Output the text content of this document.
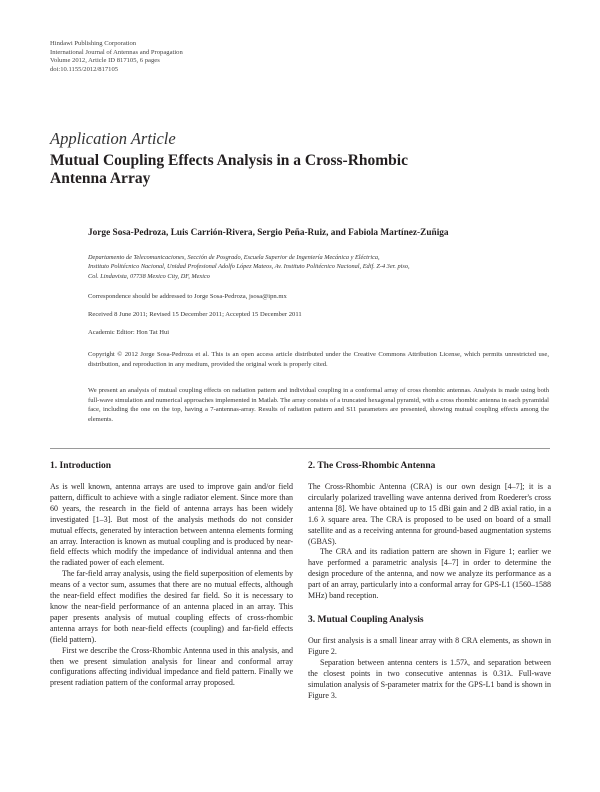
Hindawi Publishing Corporation
International Journal of Antennas and Propagation
Volume 2012, Article ID 817105, 6 pages
doi:10.1155/2012/817105
Application Article
Mutual Coupling Effects Analysis in a Cross-Rhombic
Antenna Array
Jorge Sosa-Pedroza, Luis Carrión-Rivera, Sergio Peña-Ruiz, and Fabiola Martínez-Zuñiga
Departamento de Telecomunicaciones, Sección de Posgrado, Escuela Superior de Ingeniería Mecánica y Eléctrica,
Instituto Politécnico Nacional, Unidad Profesional Adolfo López Mateos, Av. Instituto Politécnico Nacional, Edif. Z-4 3er. piso,
Col. Lindavista, 07738 Mexico City, DF, Mexico
Correspondence should be addressed to Jorge Sosa-Pedroza, jsosa@ipn.mx
Received 8 June 2011; Revised 15 December 2011; Accepted 15 December 2011
Academic Editor: Hon Tat Hui
Copyright © 2012 Jorge Sosa-Pedroza et al. This is an open access article distributed under the Creative Commons Attribution License, which permits unrestricted use, distribution, and reproduction in any medium, provided the original work is properly cited.
We present an analysis of mutual coupling effects on radiation pattern and individual coupling in a conformal array of cross rhombic antennas. Analysis is made using both full-wave simulation and numerical approaches implemented in Matlab. The array consists of a truncated hexagonal pyramid, with a cross rhombic antenna in each pyramidal face, including the one on the top, having a 7-antennas-array. Results of radiation pattern and S11 parameters are presented, showing mutual coupling effects among the elements.
1. Introduction

As is well known, antenna arrays are used to improve gain and/or field pattern, difficult to achieve with a single radiator element. Since more than 60 years, the research in the field of antenna arrays has been widely investigated [1–3]. But most of the analysis methods do not consider mutual effects, generated by interaction between antenna elements forming an array. Interaction is known as mutual coupling and is produced by near-field effects which modify the impedance of individual antenna and then the radiated power of each element.

The far-field array analysis, using the field superposition of elements by means of a vector sum, assumes that there are no mutual effects, although the near-field effect modifies the desired far field. So it is necessary to know the near-field performance of an antenna placed in an array. This paper presents analysis of mutual coupling effects of cross-rhombic antenna arrays for both near-field effects (coupling) and far-field effects (field pattern).

First we describe the Cross-Rhombic Antenna used in this analysis, and then we present simulation analysis for linear and conformal array configurations affecting individual impedance and field pattern. Finally we present radiation pattern of the conformal array proposed.

2. The Cross-Rhombic Antenna

The Cross-Rhombic Antenna (CRA) is our own design [4–7]; it is a circularly polarized travelling wave antenna derived from Roederer's cross antenna [8]. We have obtained up to 15 dBi gain and 2 dB axial ratio, in a 1.6 λ square area. The CRA is proposed to be used on board of a small satellite and as a receiving antenna for ground-based augmentation systems (GBAS).

The CRA and its radiation pattern are shown in Figure 1; earlier we have performed a parametric analysis [4–7] in order to determine the design procedure of the antenna, and now we analyze its performance as a part of an array, particularly into a conformal array for GPS-L1 (1560–1588 MHz) band reception.

3. Mutual Coupling Analysis

Our first analysis is a small linear array with 8 CRA elements, as shown in Figure 2.

Separation between antenna centers is 1.57λ, and separation between the closest points in two consecutive antennas is 0.31λ. Full-wave simulation analysis of S-parameter matrix for the GPS-L1 band is shown in Figure 3.
